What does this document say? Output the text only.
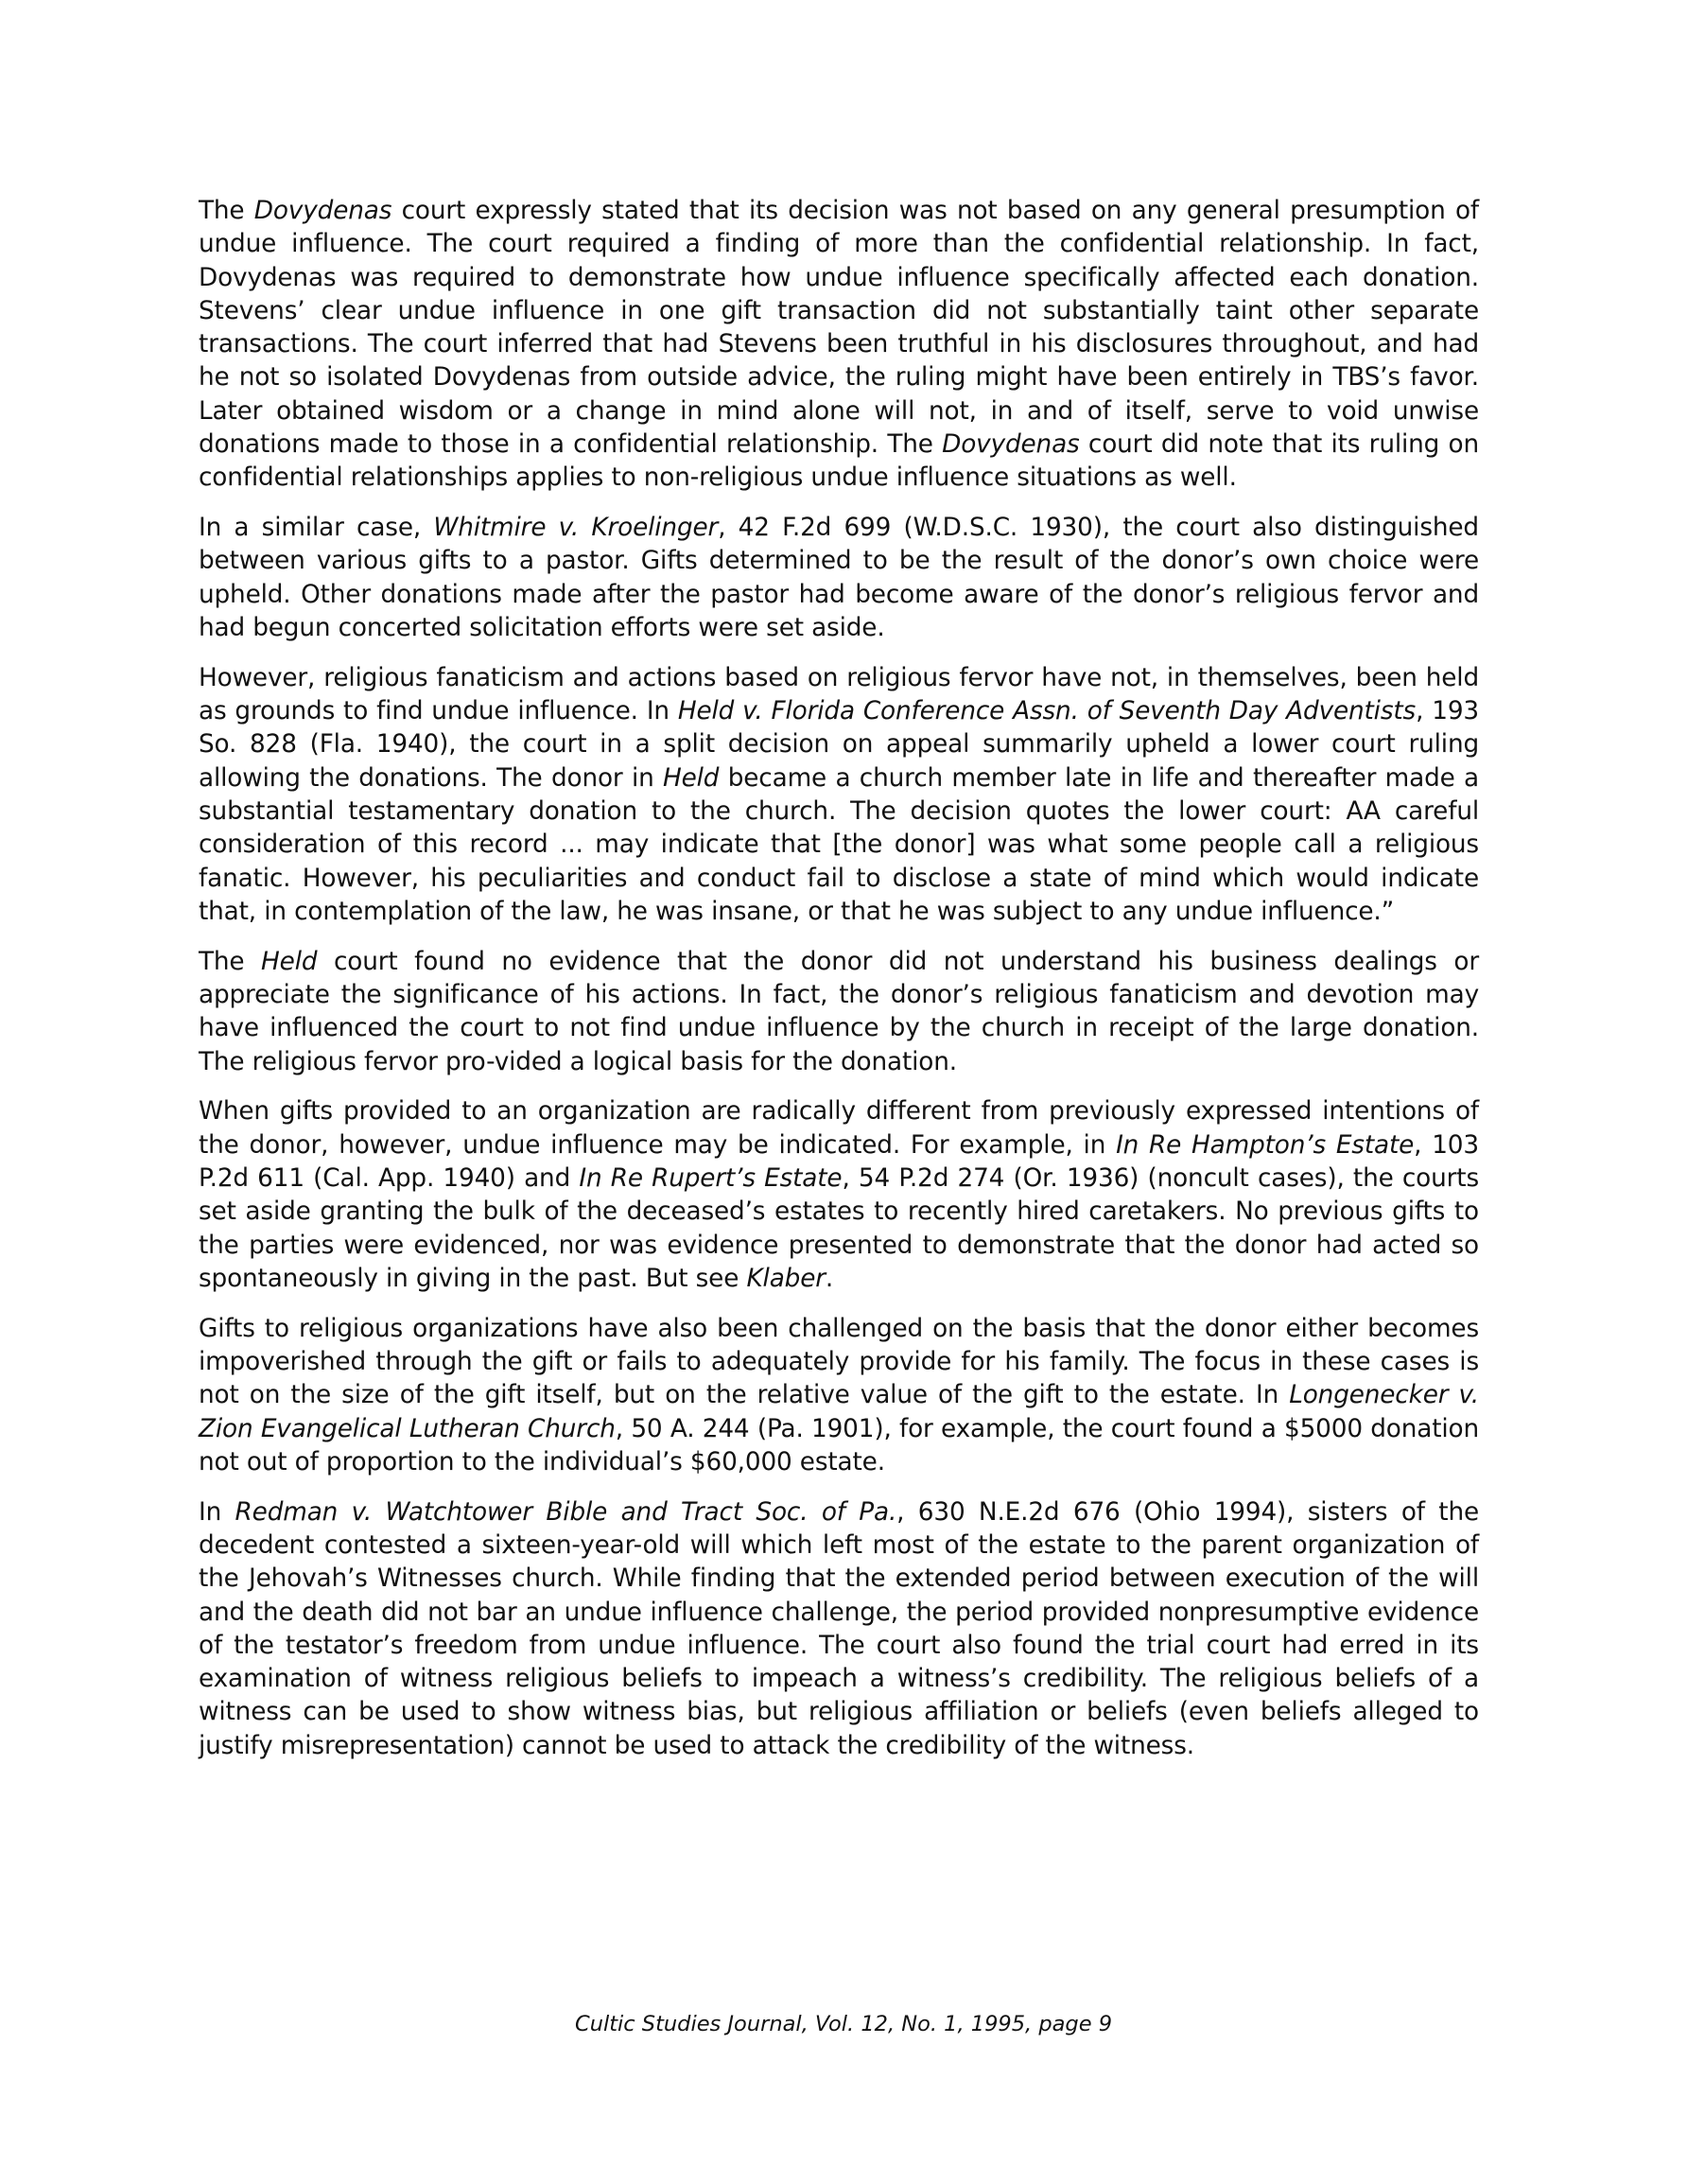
The Dovydenas court expressly stated that its decision was not based on any general presumption of undue influence. The court required a finding of more than the confidential relationship. In fact, Dovydenas was required to demonstrate how undue influence specifically affected each donation. Stevens’ clear undue influence in one gift transaction did not substantially taint other separate transactions. The court inferred that had Stevens been truthful in his disclosures throughout, and had he not so isolated Dovydenas from outside advice, the ruling might have been entirely in TBS’s favor. Later obtained wisdom or a change in mind alone will not, in and of itself, serve to void unwise donations made to those in a confidential relationship. The Dovydenas court did note that its ruling on confidential relationships applies to non-religious undue influence situations as well.

In a similar case, Whitmire v. Kroelinger, 42 F.2d 699 (W.D.S.C. 1930), the court also distinguished between various gifts to a pastor. Gifts determined to be the result of the donor’s own choice were upheld. Other donations made after the pastor had become aware of the donor’s religious fervor and had begun concerted solicitation efforts were set aside.

However, religious fanaticism and actions based on religious fervor have not, in themselves, been held as grounds to find undue influence. In Held v. Florida Conference Assn. of Seventh Day Adventists, 193 So. 828 (Fla. 1940), the court in a split decision on appeal summarily upheld a lower court ruling allowing the donations. The donor in Held became a church member late in life and thereafter made a substantial testamentary donation to the church. The decision quotes the lower court: AA careful consideration of this record ... may indicate that [the donor] was what some people call a religious fanatic. However, his peculiarities and conduct fail to disclose a state of mind which would indicate that, in contemplation of the law, he was insane, or that he was subject to any undue influence.”

The Held court found no evidence that the donor did not understand his business dealings or appreciate the significance of his actions. In fact, the donor’s religious fanaticism and devotion may have influenced the court to not find undue influence by the church in receipt of the large donation. The religious fervor pro-vided a logical basis for the donation.

When gifts provided to an organization are radically different from previously expressed intentions of the donor, however, undue influence may be indicated. For example, in In Re Hampton’s Estate, 103 P.2d 611 (Cal. App. 1940) and In Re Rupert’s Estate, 54 P.2d 274 (Or. 1936) (noncult cases), the courts set aside granting the bulk of the deceased’s estates to recently hired caretakers. No previous gifts to the parties were evidenced, nor was evidence presented to demonstrate that the donor had acted so spontaneously in giving in the past. But see Klaber.

Gifts to religious organizations have also been challenged on the basis that the donor either becomes impoverished through the gift or fails to adequately provide for his family. The focus in these cases is not on the size of the gift itself, but on the relative value of the gift to the estate. In Longenecker v. Zion Evangelical Lutheran Church, 50 A. 244 (Pa. 1901), for example, the court found a $5000 donation not out of proportion to the individual’s $60,000 estate.

In Redman v. Watchtower Bible and Tract Soc. of Pa., 630 N.E.2d 676 (Ohio 1994), sisters of the decedent contested a sixteen-year-old will which left most of the estate to the parent organization of the Jehovah’s Witnesses church. While finding that the extended period between execution of the will and the death did not bar an undue influence challenge, the period provided nonpresumptive evidence of the testator’s freedom from undue influence. The court also found the trial court had erred in its examination of witness religious beliefs to impeach a witness’s credibility. The religious beliefs of a witness can be used to show witness bias, but religious affiliation or beliefs (even beliefs alleged to justify misrepresentation) cannot be used to attack the credibility of the witness.

Cultic Studies Journal, Vol. 12, No. 1, 1995, page 9
